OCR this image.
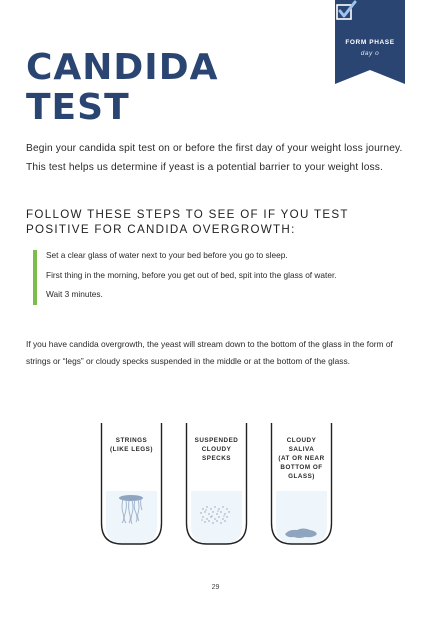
FORM PHASE
day o
CANDIDA
TEST

Begin your candida spit test on or before the first day of your weight loss journey. This test helps us determine if yeast is a potential barrier to your weight loss.

FOLLOW THESE STEPS TO SEE OF IF YOU TEST
POSITIVE FOR CANDIDA OVERGROWTH:
Set a clear glass of water next to your bed before you go to sleep.
First thing in the morning, before you get out of bed, spit into the glass of water.
Wait 3 minutes.

If you have candida overgrowth, the yeast will stream down to the bottom of the glass in the form of strings or “legs” or cloudy specks suspended in the middle or at the bottom of the glass.

STRINGS
(LIKE LEGS)
SUSPENDED
CLOUDY
SPECKS
CLOUDY
SALIVA
(AT OR NEAR
BOTTOM OF
GLASS)
29
